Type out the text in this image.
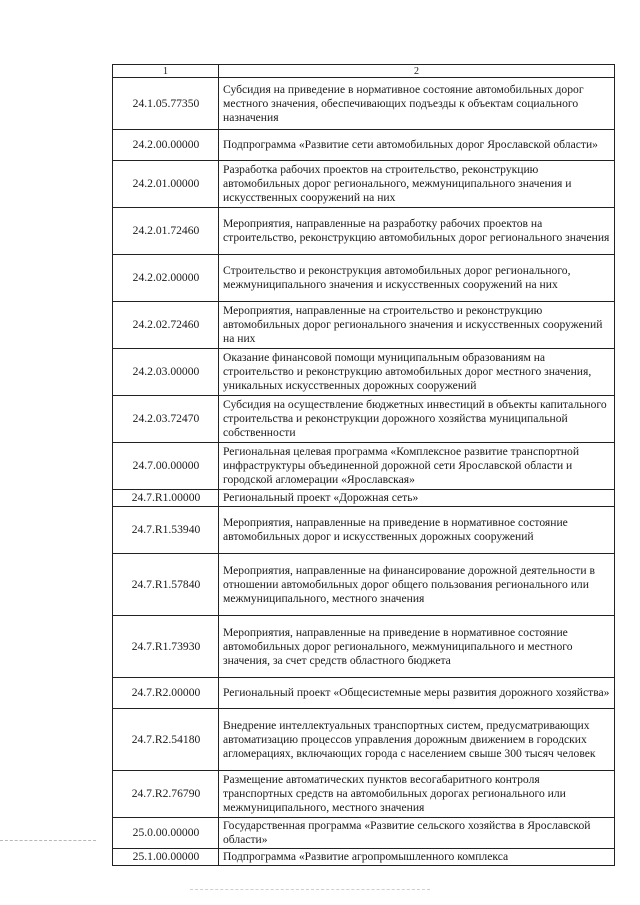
1	2
24.1.05.77350	Субсидия на приведение в нормативное состояние автомобильных дорог местного значения, обеспечивающих подъезды к объектам социального назначения
24.2.00.00000	Подпрограмма «Развитие сети автомобильных дорог Ярославской области»
24.2.01.00000	Разработка рабочих проектов на строительство, реконструкцию автомобильных дорог регионального, межмуниципального значения и искусственных сооружений на них
24.2.01.72460	Мероприятия, направленные на разработку рабочих проектов на строительство, реконструкцию автомобильных дорог регионального значения
24.2.02.00000	Строительство и реконструкция автомобильных дорог регионального, межмуниципального значения и искусственных сооружений на них
24.2.02.72460	Мероприятия, направленные на строительство и реконструкцию автомобильных дорог регионального значения и искусственных сооружений на них
24.2.03.00000	Оказание финансовой помощи муниципальным образованиям на строительство и реконструкцию автомобильных дорог местного значения, уникальных искусственных дорожных сооружений
24.2.03.72470	Субсидия на осуществление бюджетных инвестиций в объекты капитального строительства и реконструкции дорожного хозяйства муниципальной собственности
24.7.00.00000	Региональная целевая программа «Комплексное развитие транспортной инфраструктуры объединенной дорожной сети Ярославской области и городской агломерации «Ярославская»
24.7.R1.00000	Региональный проект «Дорожная сеть»
24.7.R1.53940	Мероприятия, направленные на приведение в нормативное состояние автомобильных дорог и искусственных дорожных сооружений
24.7.R1.57840	Мероприятия, направленные на финансирование дорожной деятельности в отношении автомобильных дорог общего пользования регионального или межмуниципального, местного значения
24.7.R1.73930	Мероприятия, направленные на приведение в нормативное состояние автомобильных дорог регионального, межмуниципального и местного значения, за счет средств областного бюджета
24.7.R2.00000	Региональный проект «Общесистемные меры развития дорожного хозяйства»
24.7.R2.54180	Внедрение интеллектуальных транспортных систем, предусматривающих автоматизацию процессов управления дорожным движением в городских агломерациях, включающих города с населением свыше 300 тысяч человек
24.7.R2.76790	Размещение автоматических пунктов весогабаритного контроля транспортных средств на автомобильных дорогах регионального или межмуниципального, местного значения
25.0.00.00000	Государственная программа «Развитие сельского хозяйства в Ярославской области»
25.1.00.00000	Подпрограмма «Развитие агропромышленного комплекса
